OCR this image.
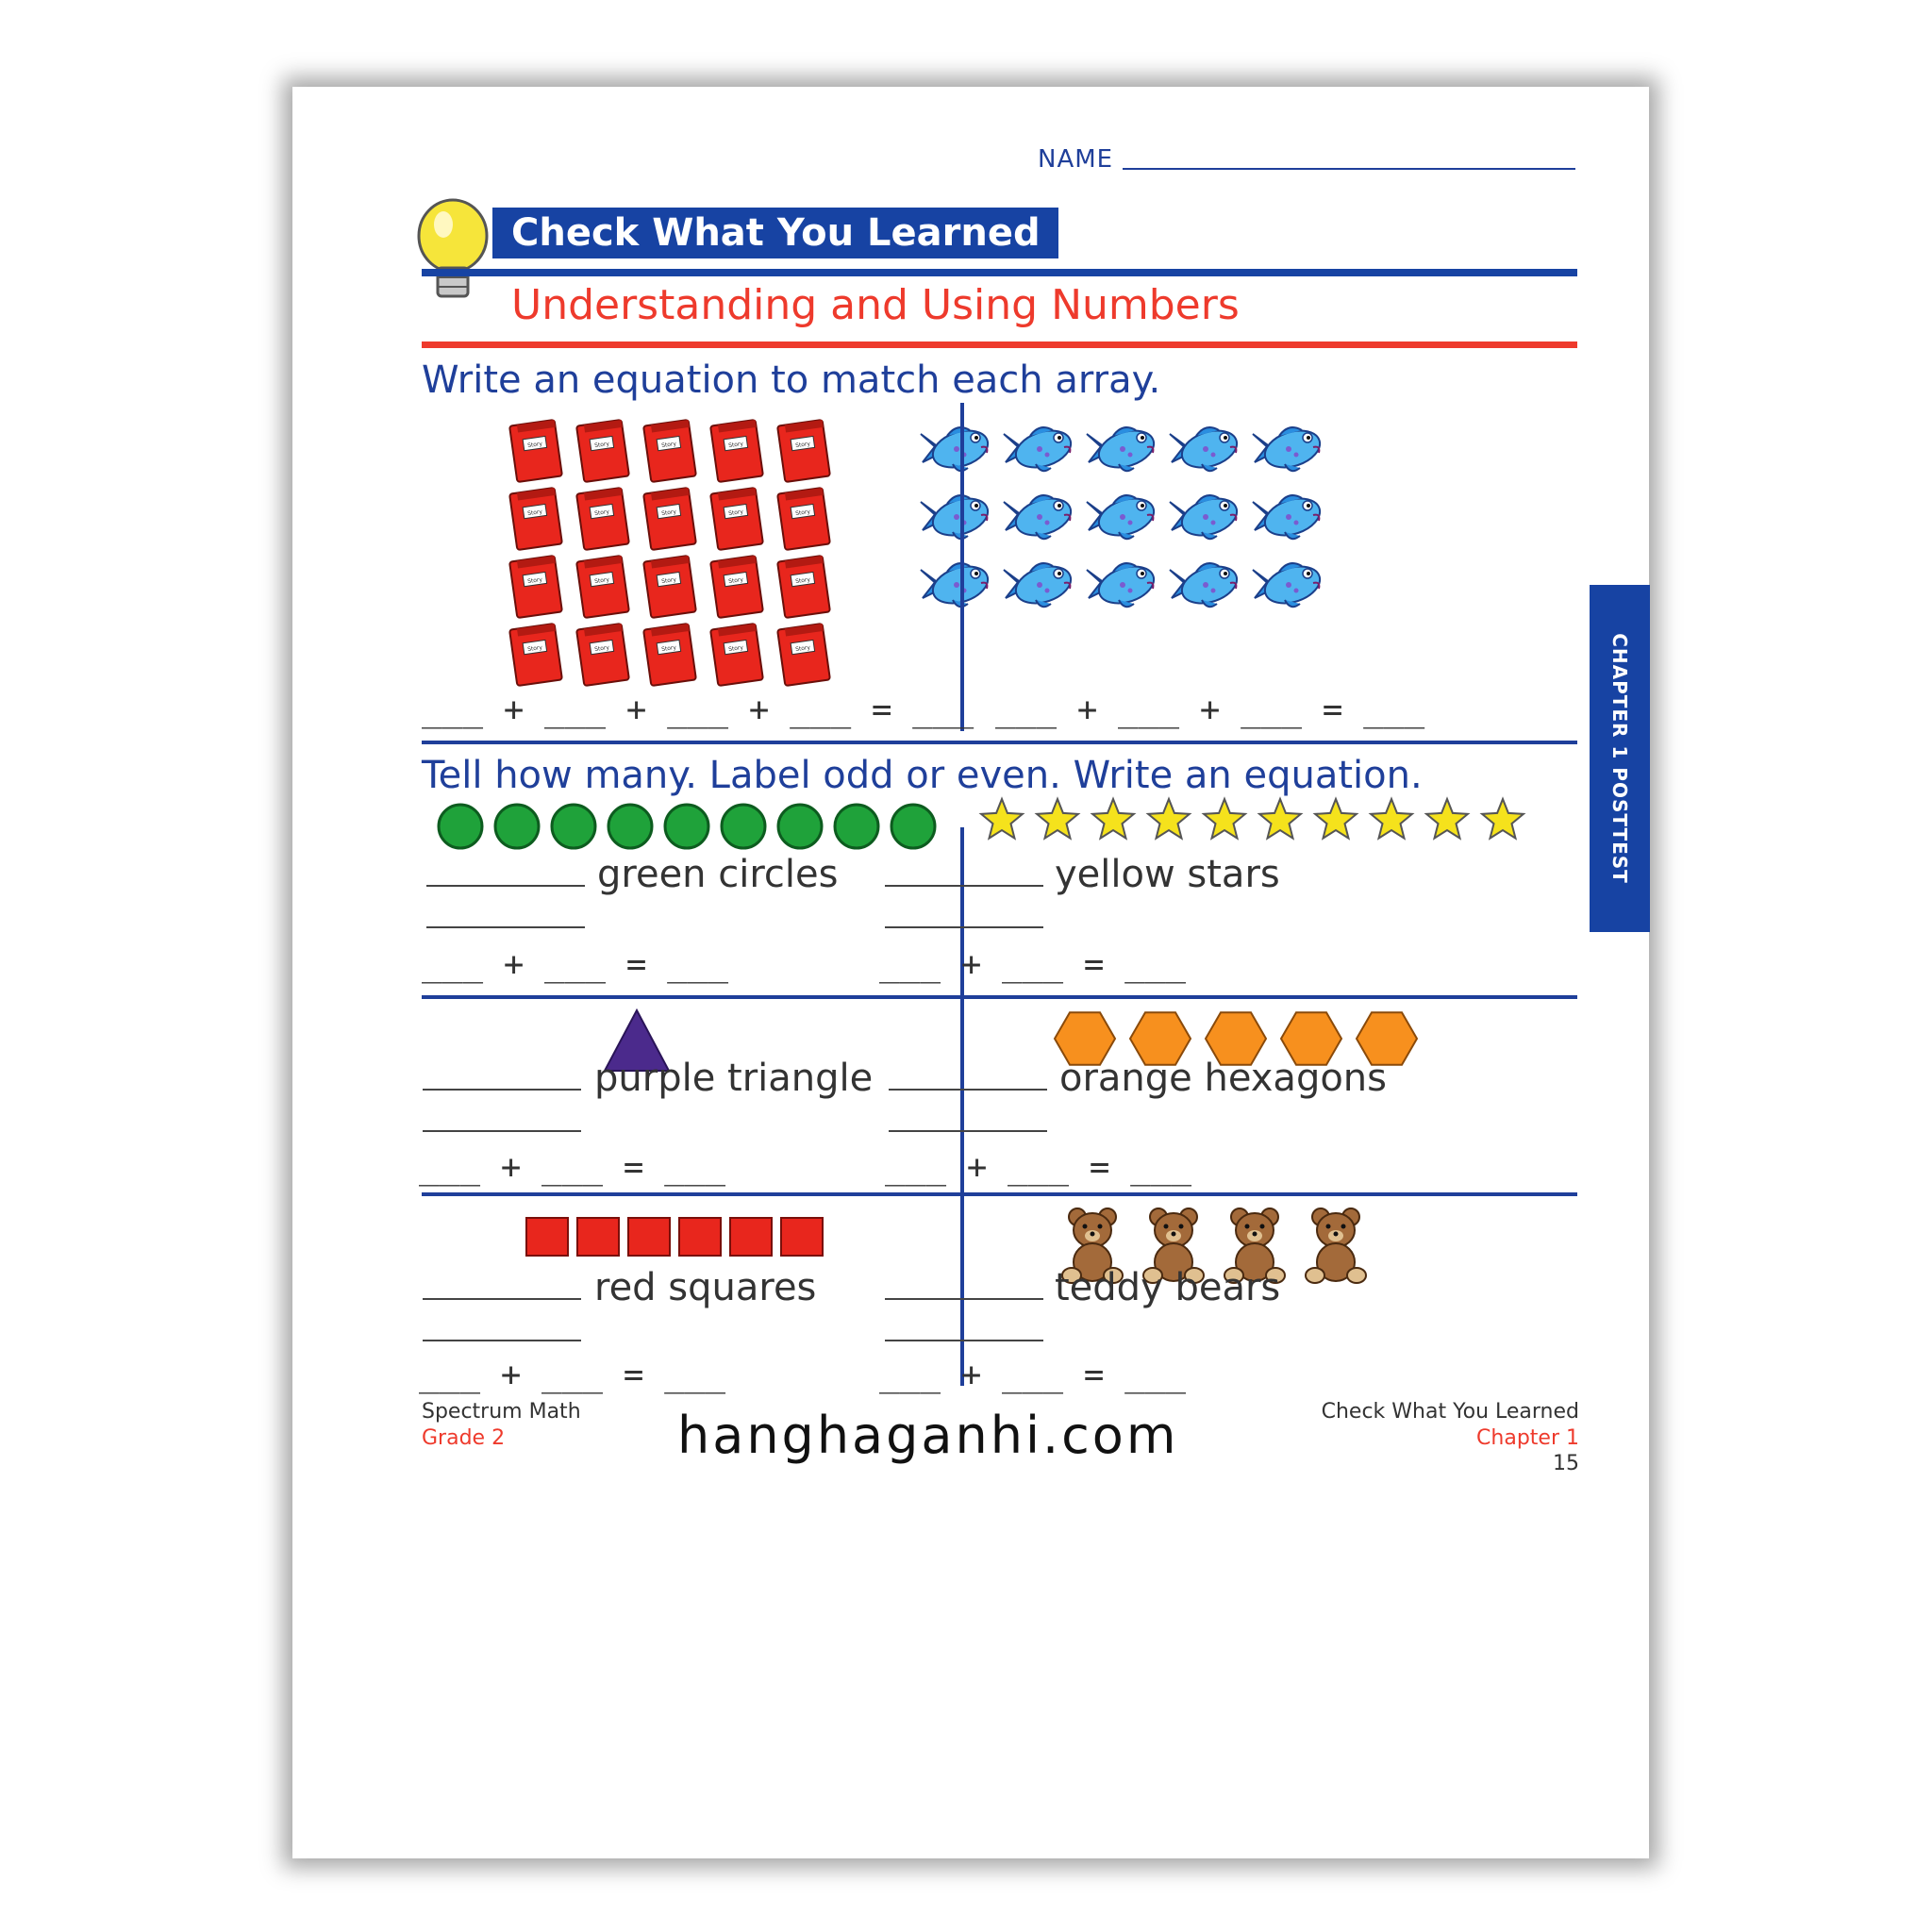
NAME
Check What You Learned
Understanding and Using Numbers
CHAPTER 1 POSTTEST
Write an equation to match each array.
Story	Story	Story	Story	Story
Story	Story	Story	Story	Story
Story	Story	Story	Story	Story
Story	Story	Story	Story	Story
___ + ___ + ___ + ___ = ___ ___ + ___ + ___ = ___
Tell how many. Label odd or even. Write an equation.
green circles
___ + ___ = ___
yellow stars
___ + ___ = ___
purple triangle
___ + ___ = ___
orange hexagons
___ + ___ = ___
red squares
___ + ___ = ___
teddy bears
___ + ___ = ___
Spectrum Math
Grade 2
Check What You Learned
Chapter 1
15
hanghaganhi.com
